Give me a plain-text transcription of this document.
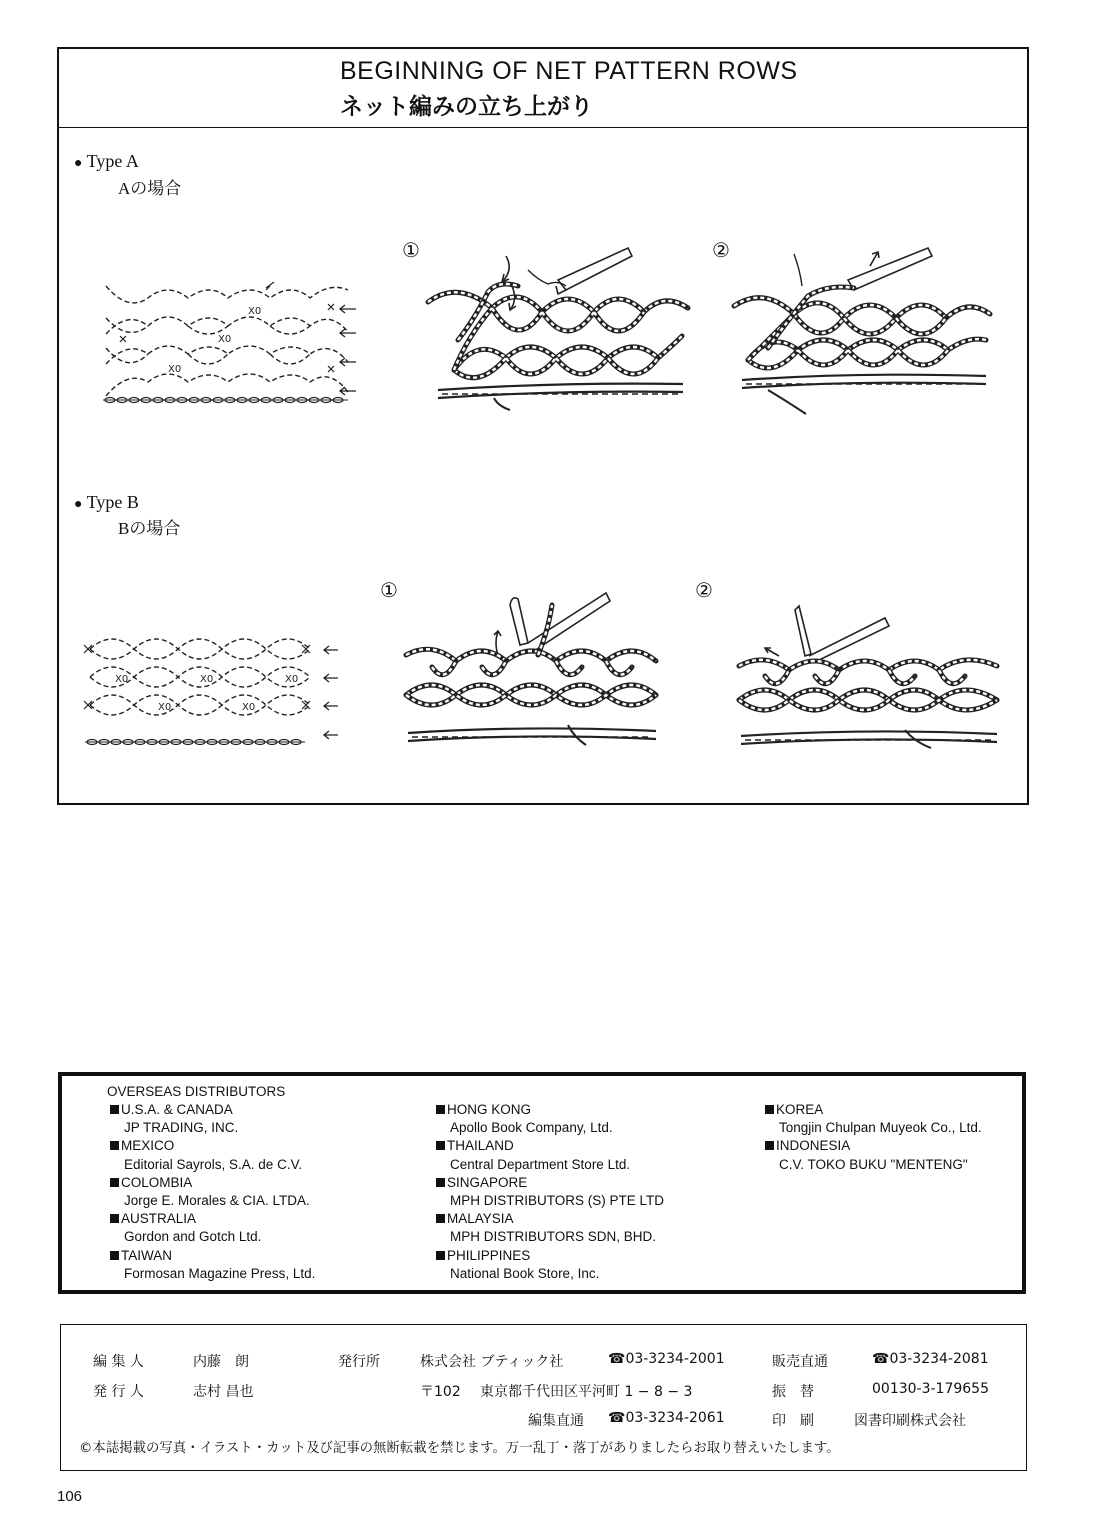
BEGINNING OF NET PATTERN ROWS
ネット編みの立ち上がり
● Type A
Aの場合
● Type B
Bの場合
①	②
①	②
X0
X0
X0
X0	X0	X0
X0	X0
OVERSEAS DISTRIBUTORS
U.S.A. & CANADA
JP TRADING, INC.
MEXICO
Editorial Sayrols, S.A. de C.V.
COLOMBIA
Jorge E. Morales & CIA. LTDA.
AUSTRALIA
Gordon and Gotch Ltd.
TAIWAN
Formosan Magazine Press, Ltd.
HONG KONG
Apollo Book Company, Ltd.
THAILAND
Central Department Store Ltd.
SINGAPORE
MPH DISTRIBUTORS (S) PTE LTD
MALAYSIA
MPH DISTRIBUTORS SDN, BHD.
PHILIPPINES
National Book Store, Inc.
KOREA
Tongjin Chulpan Muyeok Co., Ltd.
INDONESIA
C.V. TOKO BUKU "MENTENG"
編 集 人	内藤　朗	発行所	株式会社 ブティック社	☎03-3234-2001	販売直通	☎03-3234-2081
発 行 人	志村 昌也	〒102 東京都千代田区平河町 1 − 8 − 3	振　替	00130-3-179655
編集直通 ☎03-3234-2061	印　刷	図書印刷株式会社
©本誌掲載の写真・イラスト・カット及び記事の無断転載を禁じます。万一乱丁・落丁がありましたらお取り替えいたします。
106
